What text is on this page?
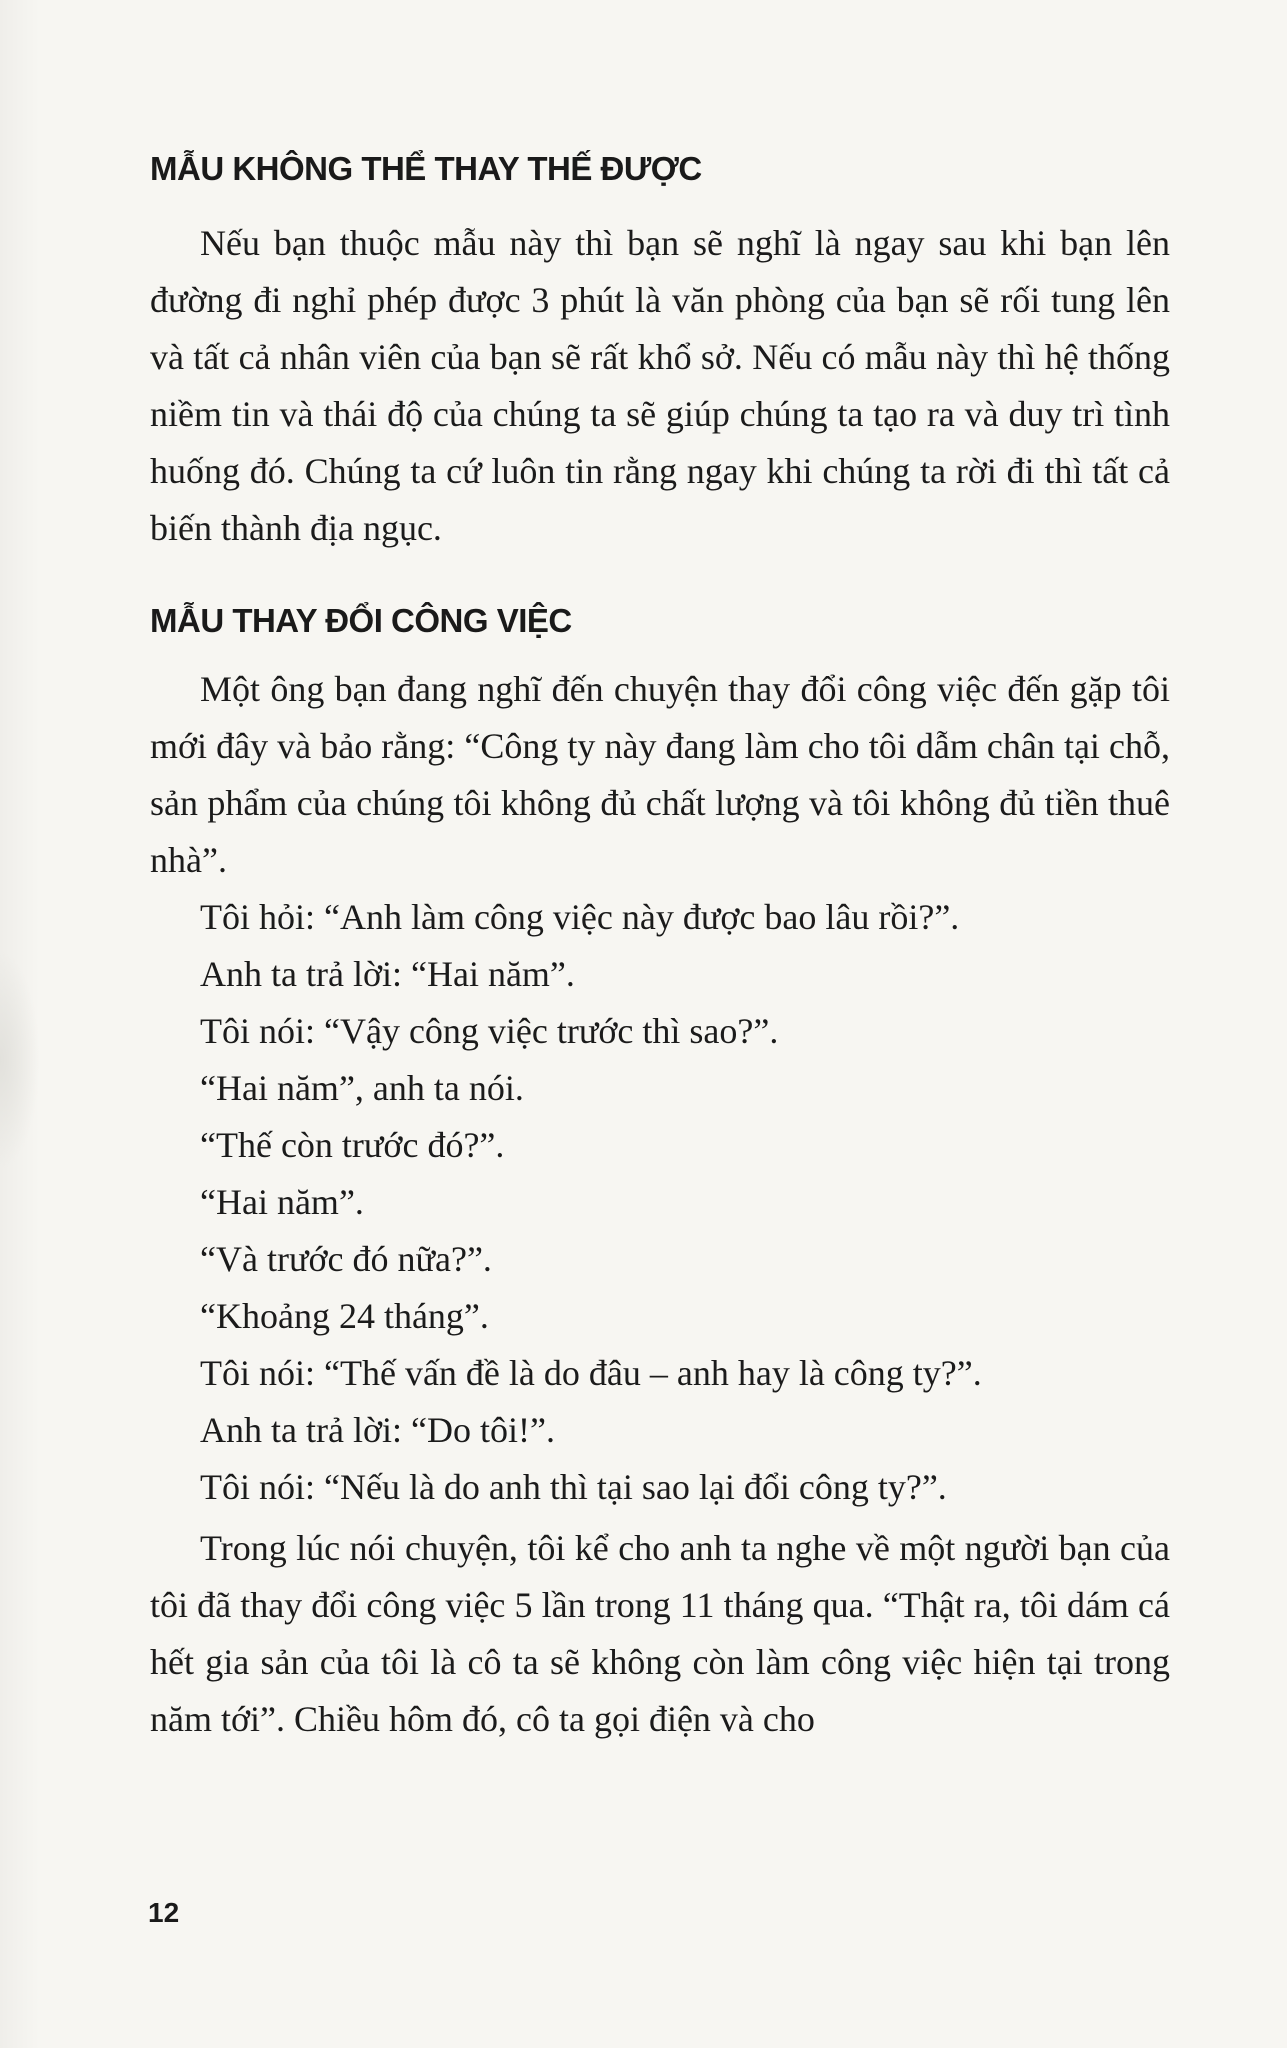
MẪU KHÔNG THỂ THAY THẾ ĐƯỢC

Nếu bạn thuộc mẫu này thì bạn sẽ nghĩ là ngay sau khi bạn lên đường đi nghỉ phép được 3 phút là văn phòng của bạn sẽ rối tung lên và tất cả nhân viên của bạn sẽ rất khổ sở. Nếu có mẫu này thì hệ thống niềm tin và thái độ của chúng ta sẽ giúp chúng ta tạo ra và duy trì tình huống đó. Chúng ta cứ luôn tin rằng ngay khi chúng ta rời đi thì tất cả biến thành địa ngục.

MẪU THAY ĐỔI CÔNG VIỆC

Một ông bạn đang nghĩ đến chuyện thay đổi công việc đến gặp tôi mới đây và bảo rằng: “Công ty này đang làm cho tôi dẫm chân tại chỗ, sản phẩm của chúng tôi không đủ chất lượng và tôi không đủ tiền thuê nhà”.

Tôi hỏi: “Anh làm công việc này được bao lâu rồi?”.

Anh ta trả lời: “Hai năm”.

Tôi nói: “Vậy công việc trước thì sao?”.

“Hai năm”, anh ta nói.

“Thế còn trước đó?”.

“Hai năm”.

“Và trước đó nữa?”.

“Khoảng 24 tháng”.

Tôi nói: “Thế vấn đề là do đâu – anh hay là công ty?”.

Anh ta trả lời: “Do tôi!”.

Tôi nói: “Nếu là do anh thì tại sao lại đổi công ty?”.

Trong lúc nói chuyện, tôi kể cho anh ta nghe về một người bạn của tôi đã thay đổi công việc 5 lần trong 11 tháng qua. “Thật ra, tôi dám cá hết gia sản của tôi là cô ta sẽ không còn làm công việc hiện tại trong năm tới”. Chiều hôm đó, cô ta gọi điện và cho

12
